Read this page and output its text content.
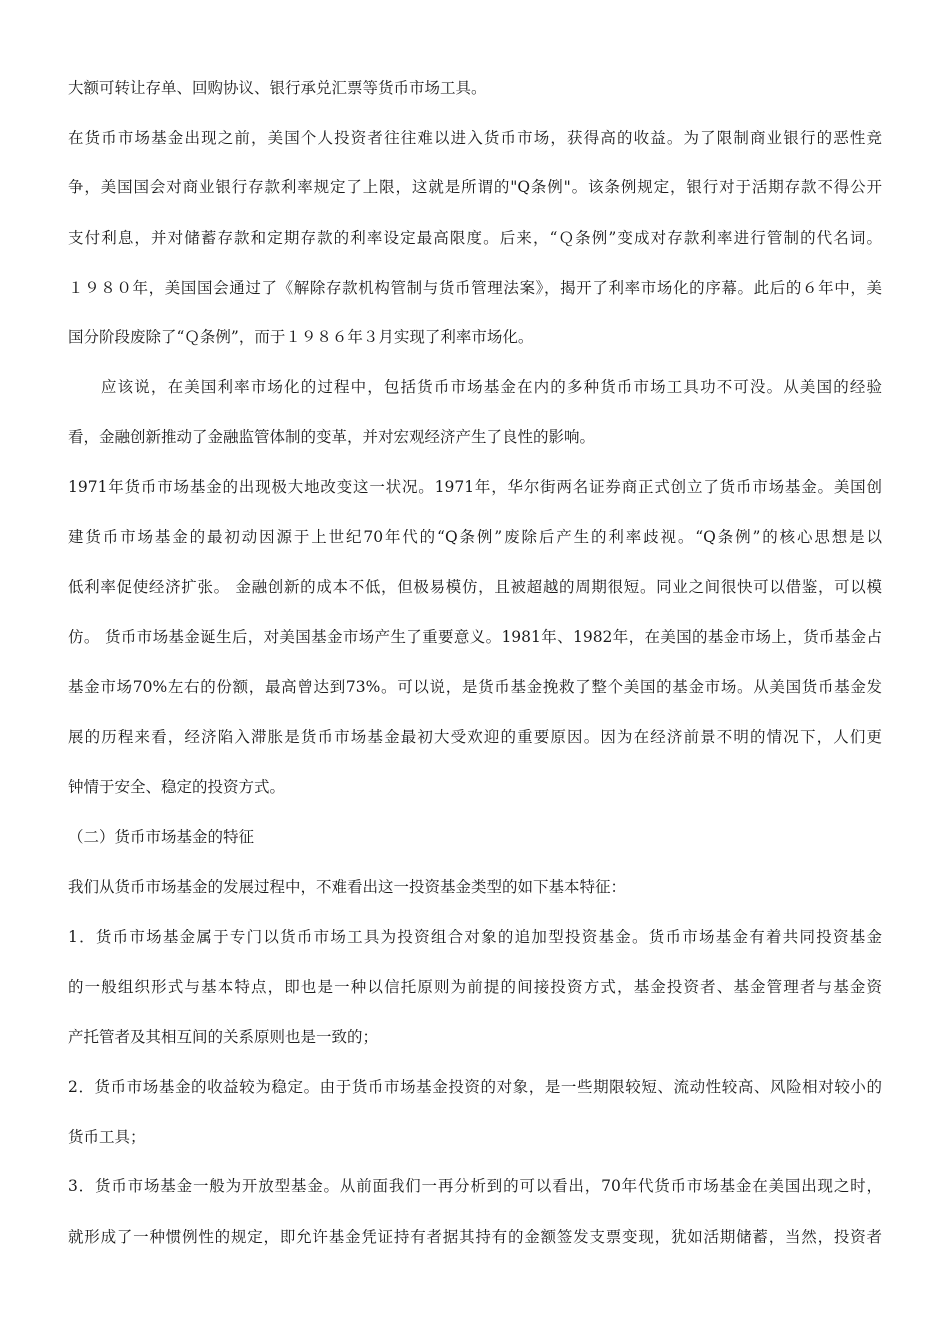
大额可转让存单、回购协议、银行承兑汇票等货币市场工具。
在货币市场基金出现之前，美国个人投资者往往难以进入货币市场，获得高的收益。为了限制商业银行的恶性竞
争，美国国会对商业银行存款利率规定了上限，这就是所谓的"Q条例"。该条例规定，银行对于活期存款不得公开
支付利息，并对储蓄存款和定期存款的利率设定最高限度。后来，“Ｑ条例”变成对存款利率进行管制的代名词。
１９８０年，美国国会通过了《解除存款机构管制与货币管理法案》，揭开了利率市场化的序幕。此后的６年中，美
国分阶段废除了“Ｑ条例”，而于１９８６年３月实现了利率市场化。
应该说，在美国利率市场化的过程中，包括货币市场基金在内的多种货币市场工具功不可没。从美国的经验
看，金融创新推动了金融监管体制的变革，并对宏观经济产生了良性的影响。
1971年货币市场基金的出现极大地改变这一状况。1971年，华尔街两名证券商正式创立了货币市场基金。美国创
建货币市场基金的最初动因源于上世纪70年代的“Q条例”废除后产生的利率歧视。“Q条例”的核心思想是以
低利率促使经济扩张。 金融创新的成本不低，但极易模仿，且被超越的周期很短。同业之间很快可以借鉴，可以模
仿。 货币市场基金诞生后，对美国基金市场产生了重要意义。1981年、1982年，在美国的基金市场上，货币基金占
基金市场70%左右的份额，最高曾达到73%。可以说，是货币基金挽救了整个美国的基金市场。从美国货币基金发
展的历程来看，经济陷入滞胀是货币市场基金最初大受欢迎的重要原因。因为在经济前景不明的情况下，人们更
钟情于安全、稳定的投资方式。
（二）货币市场基金的特征
我们从货币市场基金的发展过程中，不难看出这一投资基金类型的如下基本特征：
1．货币市场基金属于专门以货币市场工具为投资组合对象的追加型投资基金。货币市场基金有着共同投资基金
的一般组织形式与基本特点，即也是一种以信托原则为前提的间接投资方式，基金投资者、基金管理者与基金资
产托管者及其相互间的关系原则也是一致的；
2．货币市场基金的收益较为稳定。由于货币市场基金投资的对象，是一些期限较短、流动性较高、风险相对较小的
货币工具；
3．货币市场基金一般为开放型基金。从前面我们一再分析到的可以看出，70年代货币市场基金在美国出现之时，
就形成了一种惯例性的规定，即允许基金凭证持有者据其持有的金额签发支票变现，犹如活期储蓄，当然，投资者
